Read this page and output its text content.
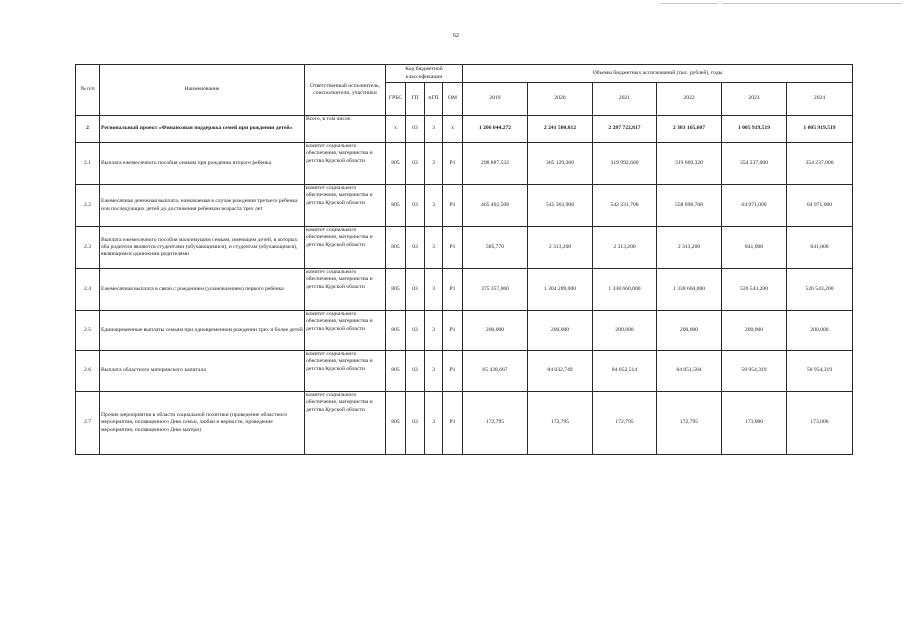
62
№ п/п	Наименование	Ответственный исполнитель, соисполнители, участники	Код бюджетной классификации				Объемы бюджетных ассигнований (тыс. рублей), годы					
			ГРБС	ГП	пГП	ОМ	2019	2020	2021	2022	2023	2024
2	Региональный проект «Финансовая поддержка семей при рождении детей»	Всего, в том числе:	х	03	3	х	1 206 044,272	2 241 500,812	2 287 722,817	2 303 165,607	1 005 919,519	1 005 919,519
2.1	Выплата ежемесячного пособия семьям при рождении второго ребенка	комитет социального обеспечения, материнства и детства Курской области	805	03	3	Р1	298 887,532	305 129,360	319 992,600	319 669,320	354 237,000	354 237,000
2.2	Ежемесячная денежная выплата, назначаемая в случае рождения третьего ребенка или последующих детей до достижения ребенком возраста трех лет	комитет социального обеспечения, материнства и детства Курской области	805	03	3	Р1	465 402,508	545 363,908	542 331,708	558 098,708	64 971,000	64 971,000
2.3	Выплата ежемесячного пособия малоимущим семьям, имеющим детей, в которых оба родителя являются студентами (обучающимися), и студентам (обучающимся), являющимся одинокими родителями	комитет социального обеспечения, материнства и детства Курской области	805	03	3	Р1	585,770	2 313,200	2 313,200	2 313,200	841,000	841,000
2.4	Ежемесячная выплата в связи с рождением (усыновлением) первого ребенка	комитет социального обеспечения, материнства и детства Курской области	805	03	3	Р1	375 357,000	1 304 289,000	1 338 660,000	1 338 660,000	526 543,200	526 543,200
2.5	Единовременные выплаты семьям при одновременном рождении трех и более детей	комитет социального обеспечения, материнства и детства Курской области	805	03	3	Р1	200,000	200,000	200,000	200,000	200,000	200,000
2.6	Выплата областного материнского капитала	комитет социального обеспечения, материнства и детства Курской области	805	03	3	Р1	65 438,667	84 032,749	84 052,514	84 051,584	58 954,319	58 954,319
2.7	Прочие мероприятия в области социальной политики (проведение областного мероприятия, посвященного Дню семьи, любви и верности, проведение мероприятия, посвященного Дню матери)	комитет социального обеспечения, материнства и детства Курской области	805	03	3	Р1	172,795	172,795	172,795	172,795	173,000	173,000
